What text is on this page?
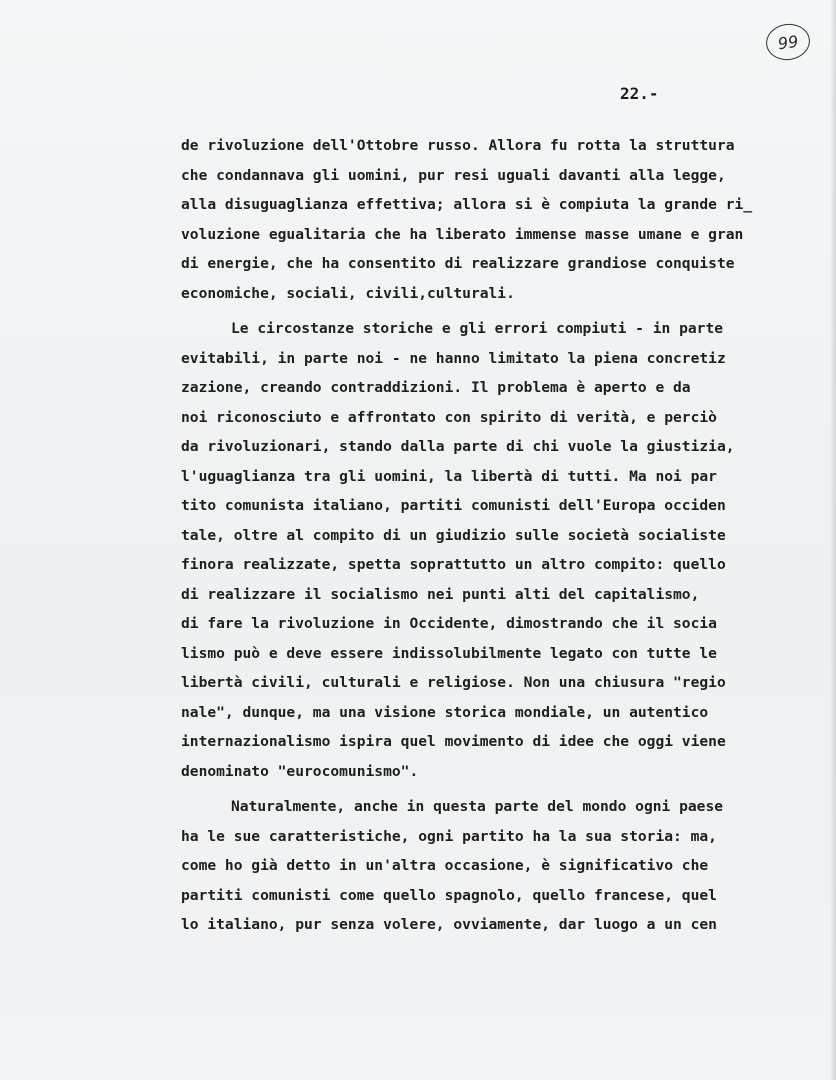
99
22.-
de rivoluzione dell'Ottobre russo. Allora fu rotta la struttura
che condannava gli uomini, pur resi uguali davanti alla legge,
alla disuguaglianza effettiva; allora si è compiuta la grande ri_
voluzione egualitaria che ha liberato immense masse umane e gran
di energie, che ha consentito di realizzare grandiose conquiste
economiche, sociali, civili,culturali.
Le circostanze storiche e gli errori compiuti - in parte
evitabili, in parte noi - ne hanno limitato la piena concretiz
zazione, creando contraddizioni. Il problema è aperto e da
noi riconosciuto e affrontato con spirito di verità, e perciò
da rivoluzionari, stando dalla parte di chi vuole la giustizia,
l'uguaglianza tra gli uomini, la libertà di tutti. Ma noi par
tito comunista italiano, partiti comunisti dell'Europa occiden
tale, oltre al compito di un giudizio sulle società socialiste
finora realizzate, spetta soprattutto un altro compito: quello
di realizzare il socialismo nei punti alti del capitalismo,
di fare la rivoluzione in Occidente, dimostrando che il socia
lismo può e deve essere indissolubilmente legato con tutte le
libertà civili, culturali e religiose. Non una chiusura "regio
nale", dunque, ma una visione storica mondiale, un autentico
internazionalismo ispira quel movimento di idee che oggi viene
denominato "eurocomunismo".
Naturalmente, anche in questa parte del mondo ogni paese
ha le sue caratteristiche, ogni partito ha la sua storia: ma,
come ho già detto in un'altra occasione, è significativo che
partiti comunisti come quello spagnolo, quello francese, quel
lo italiano, pur senza volere, ovviamente, dar luogo a un cen
